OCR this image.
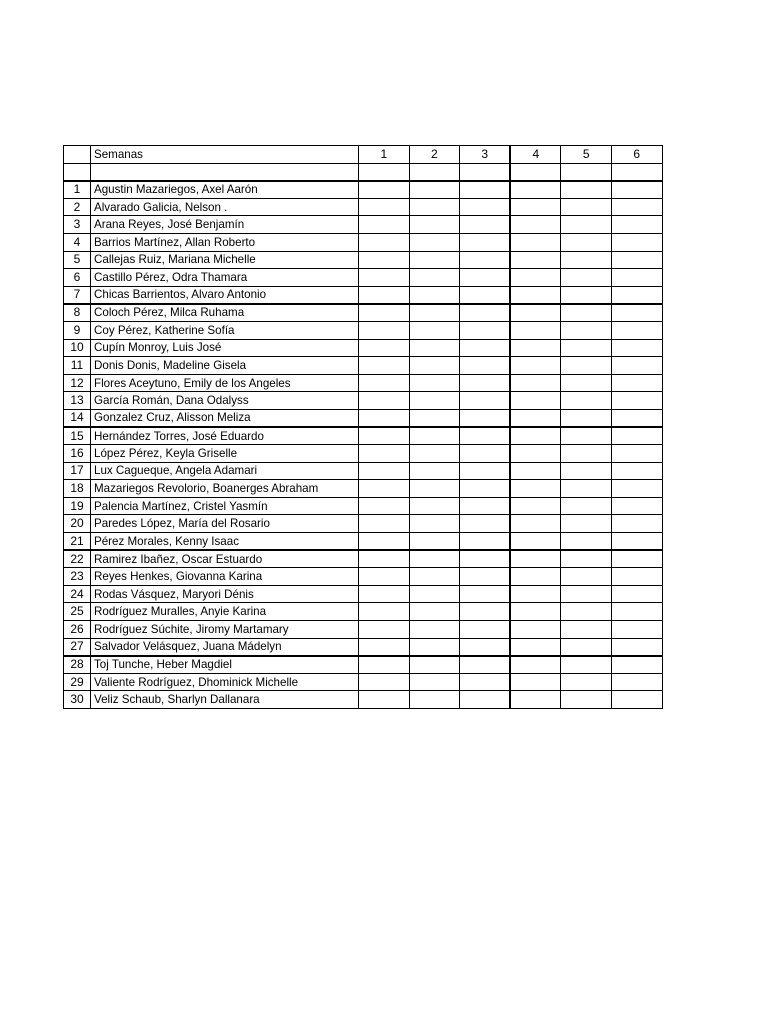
	Semanas	1	2	3	4	5	6

1	Agustin Mazariegos, Axel Aarón						
2	Alvarado Galicia, Nelson .						
3	Arana Reyes, José Benjamín						
4	Barrios Martínez, Allan Roberto						
5	Callejas Ruiz, Mariana Michelle						
6	Castillo Pérez, Odra Thamara						
7	Chicas Barrientos, Alvaro Antonio						
8	Coloch Pérez, Milca Ruhama						
9	Coy Pérez, Katherine Sofía						
10	Cupín Monroy, Luis José						
11	Donis Donis, Madeline Gisela						
12	Flores Aceytuno, Emily de los Angeles						
13	García Román, Dana Odalyss						
14	Gonzalez Cruz, Alisson Meliza						
15	Hernández Torres, José Eduardo						
16	López Pérez, Keyla Griselle						
17	Lux Cagueque, Angela Adamari						
18	Mazariegos Revolorio, Boanerges Abraham						
19	Palencia Martínez, Cristel Yasmín						
20	Paredes López, María del Rosario						
21	Pérez Morales, Kenny Isaac						
22	Ramirez Ibañez, Oscar Estuardo						
23	Reyes Henkes, Giovanna Karina						
24	Rodas Vásquez, Maryori Dénis						
25	Rodríguez Muralles, Anyie Karina						
26	Rodríguez Súchite, Jiromy Martamary						
27	Salvador Velásquez, Juana Mádelyn						
28	Toj Tunche, Heber Magdiel						
29	Valiente Rodríguez, Dhominick Michelle						
30	Veliz Schaub, Sharlyn Dallanara						
